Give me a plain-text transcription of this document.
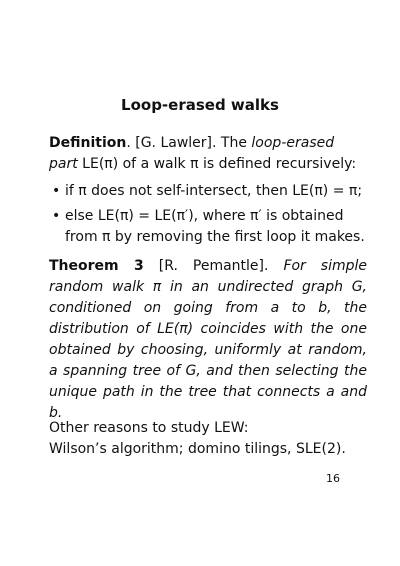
Loop-erased walks
Definition. [G. Lawler]. The loop-erased part LE(π) of a walk π is defined recursively:
• if π does not self-intersect, then LE(π) = π;
• else LE(π) = LE(π′), where π′ is obtained from π by removing the first loop it makes.
Theorem 3 [R. Pemantle]. For simple random walk π in an undirected graph G, conditioned on going from a to b, the distribution of LE(π) coincides with the one obtained by choosing, uniformly at random, a spanning tree of G, and then selecting the unique path in the tree that connects a and b.
Other reasons to study LEW:
Wilson’s algorithm; domino tilings, SLE(2).
16
